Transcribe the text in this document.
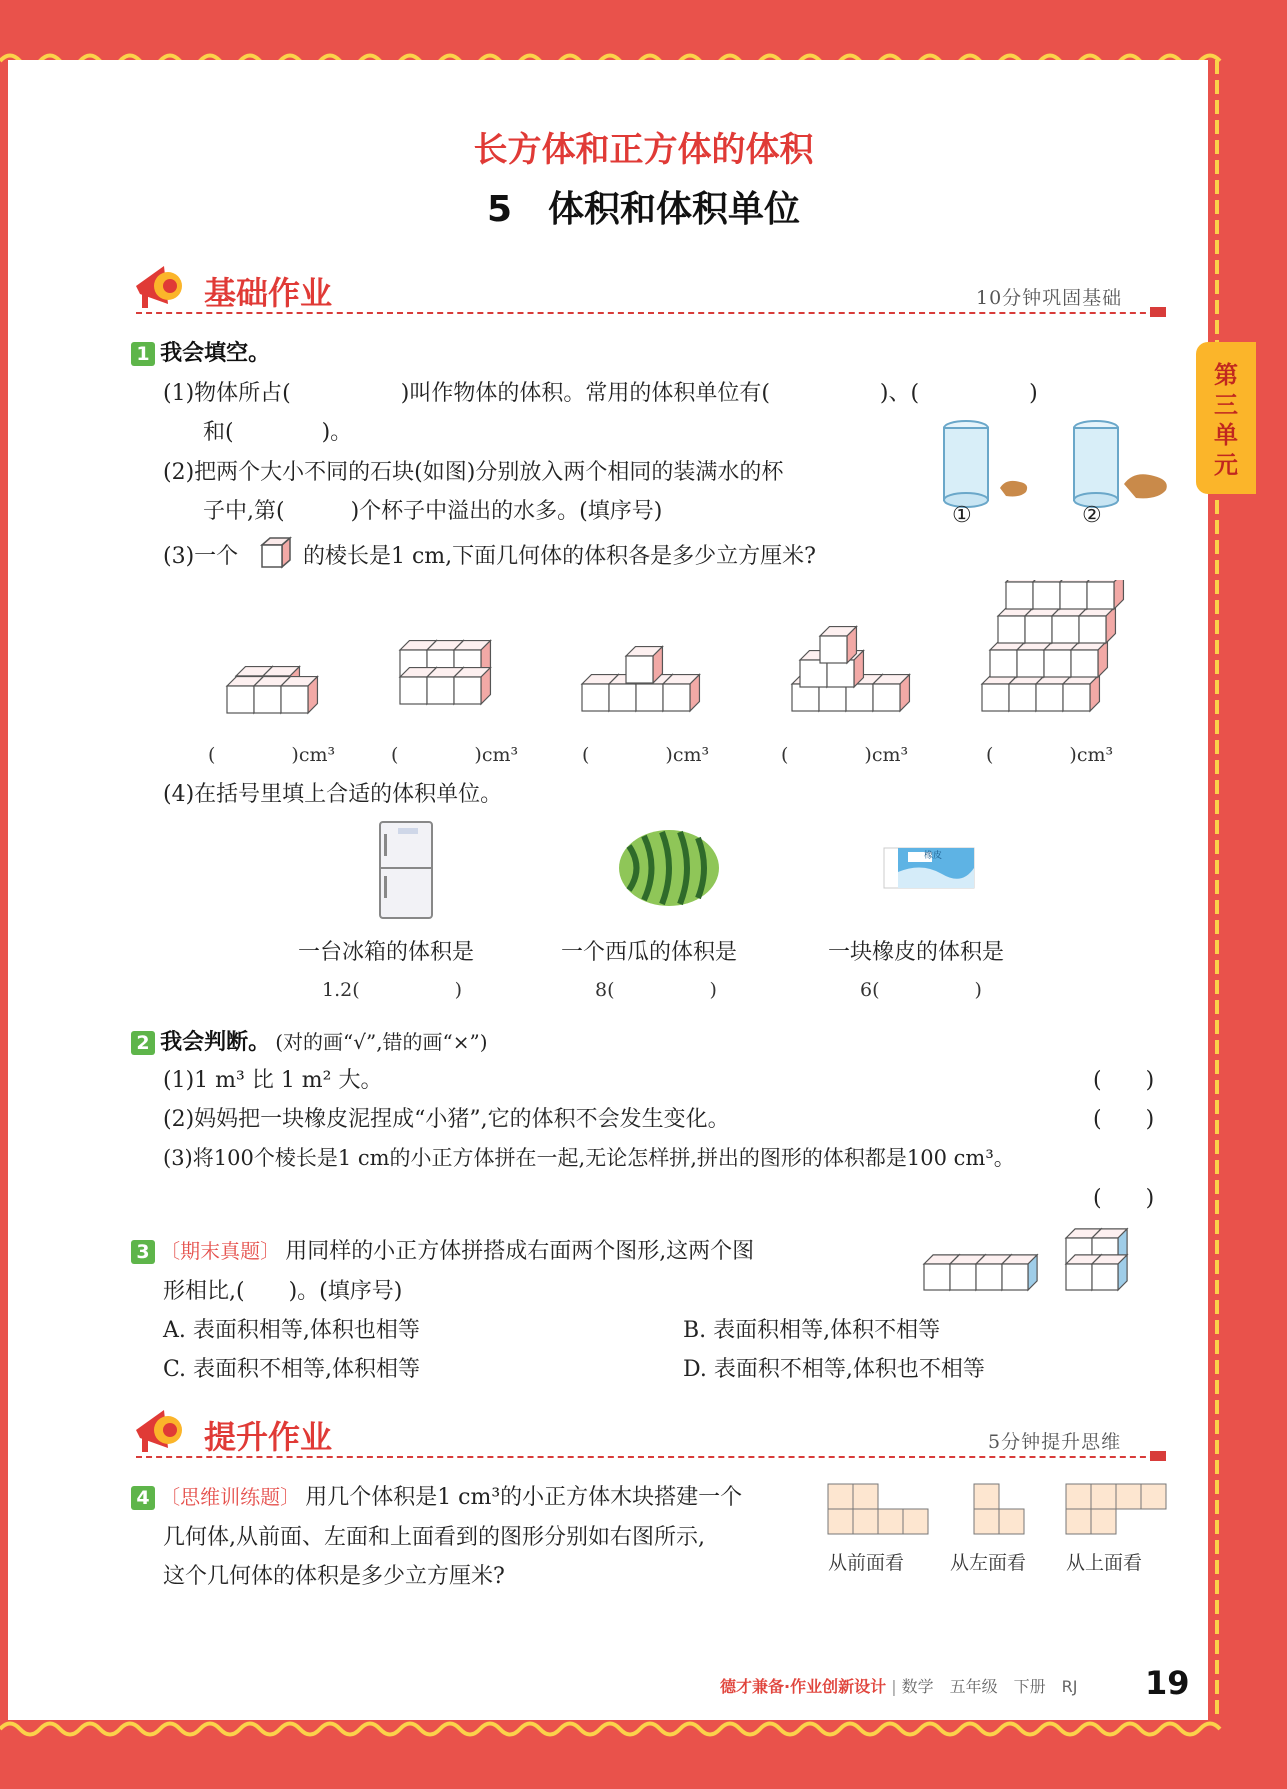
长方体和正方体的体积
5　体积和体积单位
第三单元
基础作业	10分钟巩固基础
1 我会填空。
(1)物体所占(　　　　　)叫作物体的体积。常用的体积单位有(　　　　　)、(　　　　　)
和(　　　　)。
(2)把两个大小不同的石块(如图)分别放入两个相同的装满水的杯
子中,第(　　　)个杯子中溢出的水多。(填序号)	①	②
(3)一个	的棱长是1 cm,下面几何体的体积各是多少立方厘米?
(　　　　)cm³	(　　　　)cm³	(　　　　)cm³	(　　　　)cm³	(　　　　)cm³
(4)在括号里填上合适的体积单位。
橡皮
一台冰箱的体积是	一个西瓜的体积是	一块橡皮的体积是
1.2(　　　　　)	8(　　　　　)	6(　　　　　)
2 我会判断。 (对的画“√”,错的画“×”)
(1)1 m³ 比 1 m² 大。	(　　)
(2)妈妈把一块橡皮泥捏成“小猪”,它的体积不会发生变化。	(　　)
(3)将100个棱长是1 cm的小正方体拼在一起,无论怎样拼,拼出的图形的体积都是100 cm³。
(　　)
3 〔期末真题〕 用同样的小正方体拼搭成右面两个图形,这两个图
形相比,(　　)。(填序号)
A. 表面积相等,体积也相等	B. 表面积相等,体积不相等
C. 表面积不相等,体积相等	D. 表面积不相等,体积也不相等
提升作业	5分钟提升思维
4 〔思维训练题〕 用几个体积是1 cm³的小正方体木块搭建一个
几何体,从前面、左面和上面看到的图形分别如右图所示,
这个几何体的体积是多少立方厘米?
从前面看 从左面看 从上面看
德才兼备·作业创新设计 | 数学　五年级　下册　RJ 19
